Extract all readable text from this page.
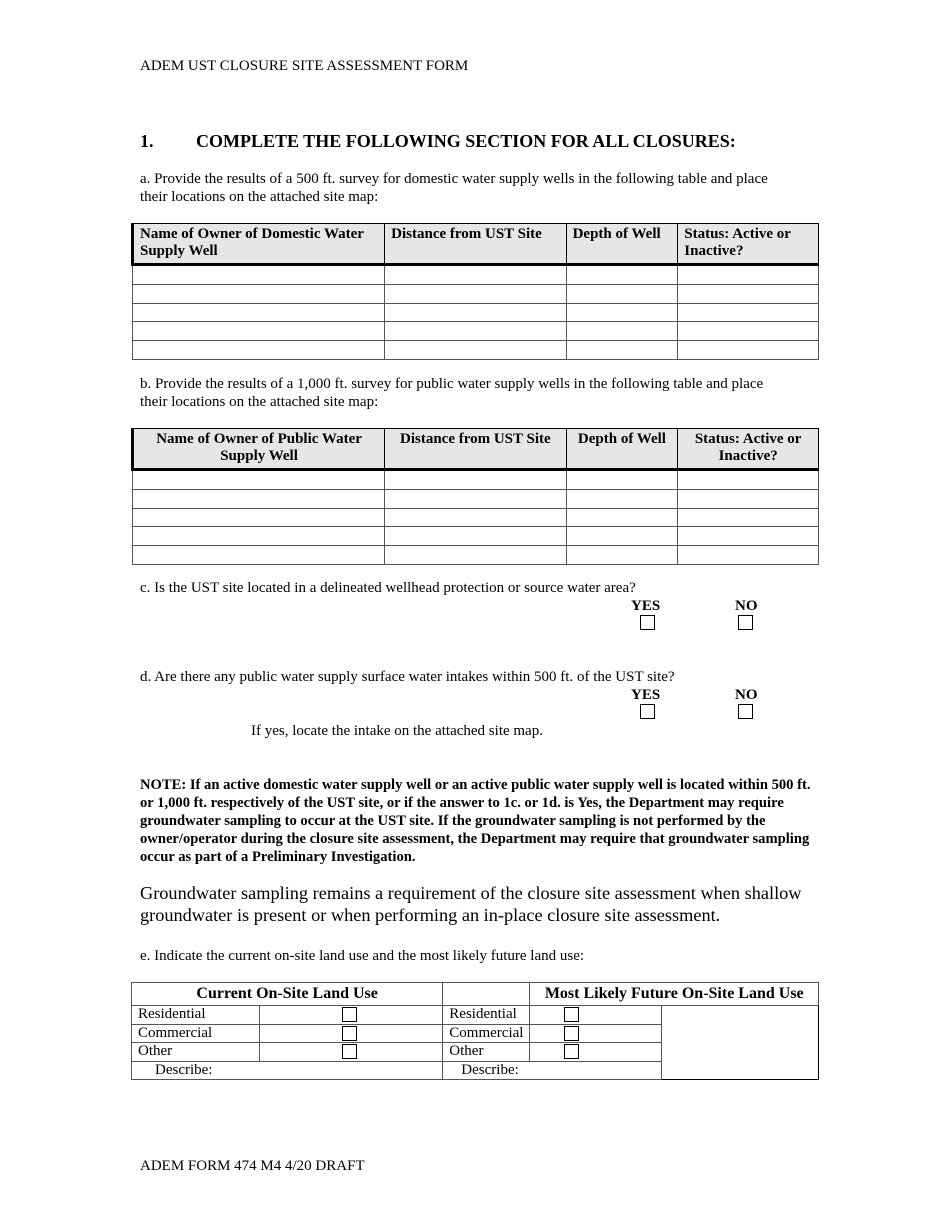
ADEM UST CLOSURE SITE ASSESSMENT FORM
1. COMPLETE THE FOLLOWING SECTION FOR ALL CLOSURES:
a. Provide the results of a 500 ft. survey for domestic water supply wells in the following table and place
their locations on the attached site map:
Name of Owner of Domestic Water Supply Well	Distance from UST Site	Depth of Well	Status: Active or Inactive?

b. Provide the results of a 1,000 ft. survey for public water supply wells in the following table and place
their locations on the attached site map:
Name of Owner of Public Water Supply Well	Distance from UST Site	Depth of Well	Status: Active or Inactive?

c. Is the UST site located in a delineated wellhead protection or source water area?
YES	NO
d. Are there any public water supply surface water intakes within 500 ft. of the UST site?
YES	NO
If yes, locate the intake on the attached site map.
NOTE: If an active domestic water supply well or an active public water supply well is located within 500 ft. or 1,000 ft. respectively of the UST site, or if the answer to 1c. or 1d. is Yes, the Department may require groundwater sampling to occur at the UST site. If the groundwater sampling is not performed by the owner/operator during the closure site assessment, the Department may require that groundwater sampling occur as part of a Preliminary Investigation.
Groundwater sampling remains a requirement of the closure site assessment when shallow groundwater is present or when performing an in-place closure site assessment.
e. Indicate the current on-site land use and the most likely future land use:
Current On-Site Land Use			Most Likely Future On-Site Land Use
Residential		Residential	
Commercial		Commercial	
Other		Other	
Describe:		Describe:	
ADEM FORM 474 M4 4/20 DRAFT
